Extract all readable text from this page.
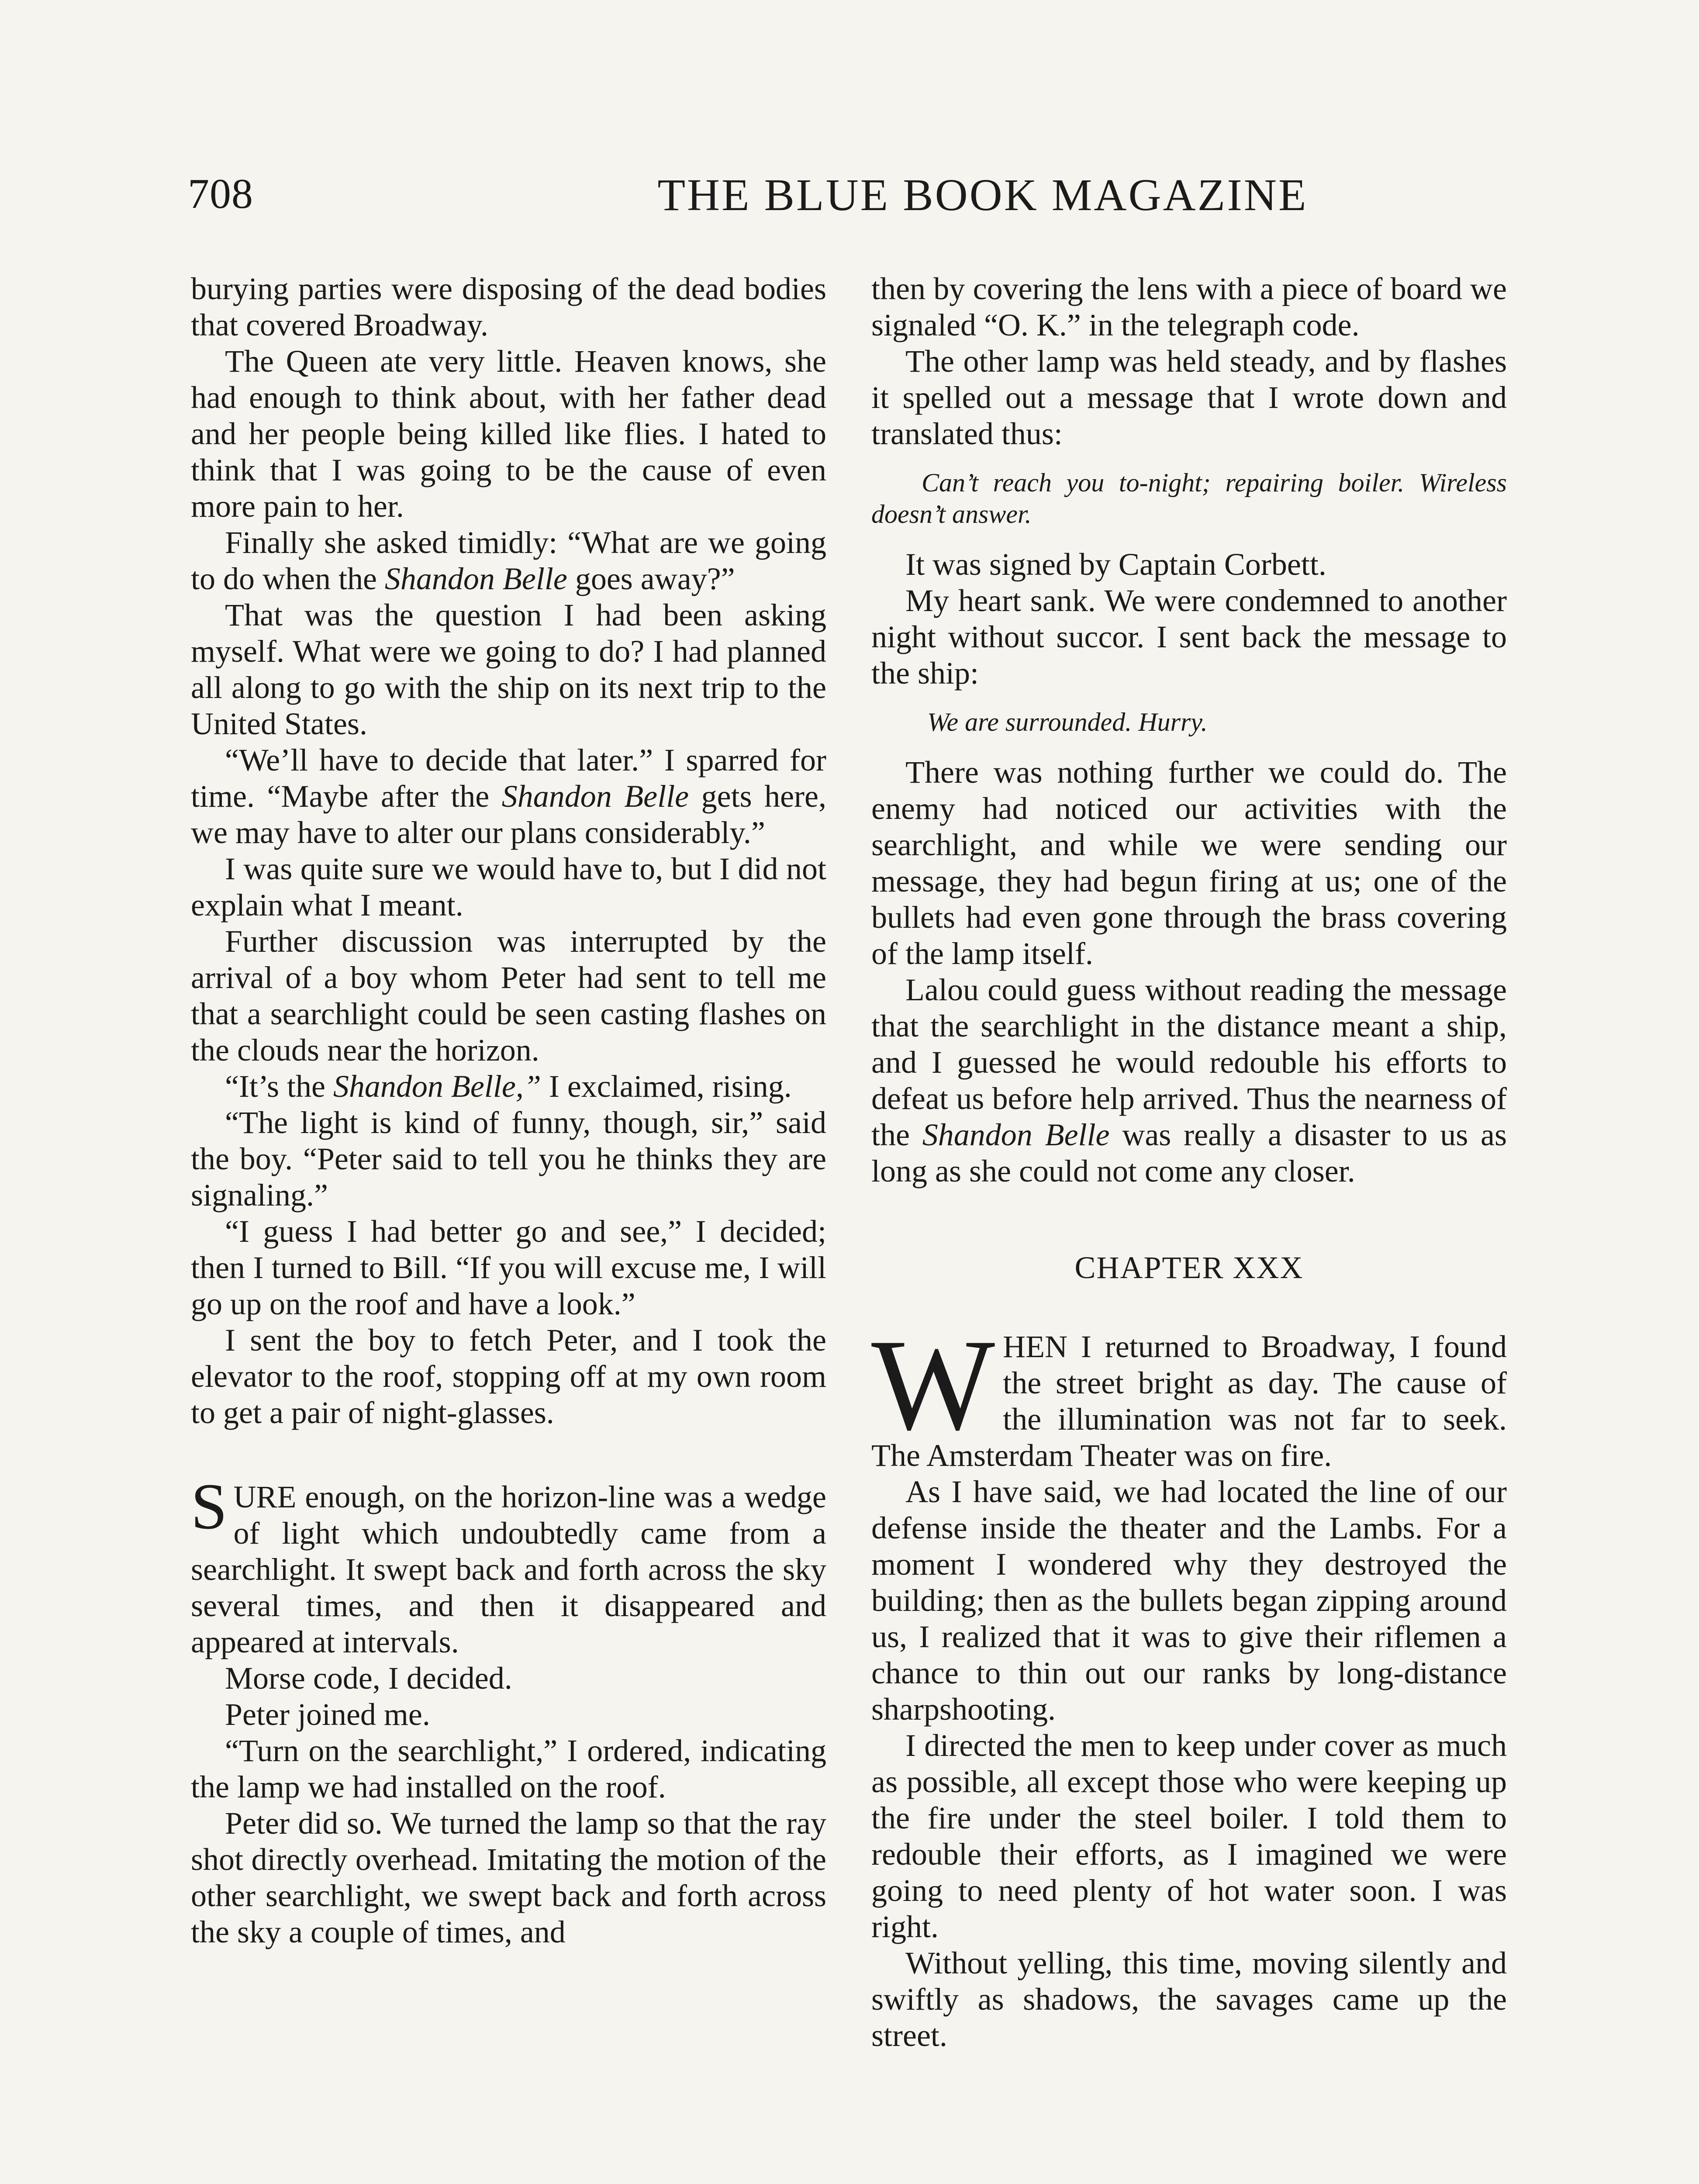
708	THE BLUE BOOK MAGAZINE

burying parties were disposing of the dead bodies that covered Broadway.

The Queen ate very little. Heaven knows, she had enough to think about, with her father dead and her people being killed like flies. I hated to think that I was going to be the cause of even more pain to her.

Finally she asked timidly: “What are we going to do when the Shandon Belle goes away?”

That was the question I had been asking myself. What were we going to do? I had planned all along to go with the ship on its next trip to the United States.

“We’ll have to decide that later.” I sparred for time. “Maybe after the Shandon Belle gets here, we may have to alter our plans considerably.”

I was quite sure we would have to, but I did not explain what I meant.

Further discussion was interrupted by the arrival of a boy whom Peter had sent to tell me that a searchlight could be seen casting flashes on the clouds near the horizon.

“It’s the Shandon Belle,” I exclaimed, rising.

“The light is kind of funny, though, sir,” said the boy. “Peter said to tell you he thinks they are signaling.”

“I guess I had better go and see,” I decided; then I turned to Bill. “If you will excuse me, I will go up on the roof and have a look.”

I sent the boy to fetch Peter, and I took the elevator to the roof, stopping off at my own room to get a pair of night-glasses.

SURE enough, on the horizon-line was a wedge of light which undoubtedly came from a searchlight. It swept back and forth across the sky several times, and then it disappeared and appeared at intervals.

Morse code, I decided.

Peter joined me.

“Turn on the searchlight,” I ordered, indicating the lamp we had installed on the roof.

Peter did so. We turned the lamp so that the ray shot directly overhead. Imitating the motion of the other searchlight, we swept back and forth across the sky a couple of times, and

then by covering the lens with a piece of board we signaled “O. K.” in the telegraph code.

The other lamp was held steady, and by flashes it spelled out a message that I wrote down and translated thus:

Can’t reach you to-night; repairing boiler. Wireless doesn’t answer.

It was signed by Captain Corbett.

My heart sank. We were condemned to another night without succor. I sent back the message to the ship:

We are surrounded. Hurry.

There was nothing further we could do. The enemy had noticed our activities with the searchlight, and while we were sending our message, they had begun firing at us; one of the bullets had even gone through the brass covering of the lamp itself.

Lalou could guess without reading the message that the searchlight in the distance meant a ship, and I guessed he would redouble his efforts to defeat us before help arrived. Thus the nearness of the Shandon Belle was really a disaster to us as long as she could not come any closer.

CHAPTER XXX

WHEN I returned to Broadway, I found the street bright as day. The cause of the illumination was not far to seek. The Amsterdam Theater was on fire.

As I have said, we had located the line of our defense inside the theater and the Lambs. For a moment I wondered why they destroyed the building; then as the bullets began zipping around us, I realized that it was to give their riflemen a chance to thin out our ranks by long-distance sharpshooting.

I directed the men to keep under cover as much as possible, all except those who were keeping up the fire under the steel boiler. I told them to redouble their efforts, as I imagined we were going to need plenty of hot water soon. I was right.

Without yelling, this time, moving silently and swiftly as shadows, the savages came up the street.
